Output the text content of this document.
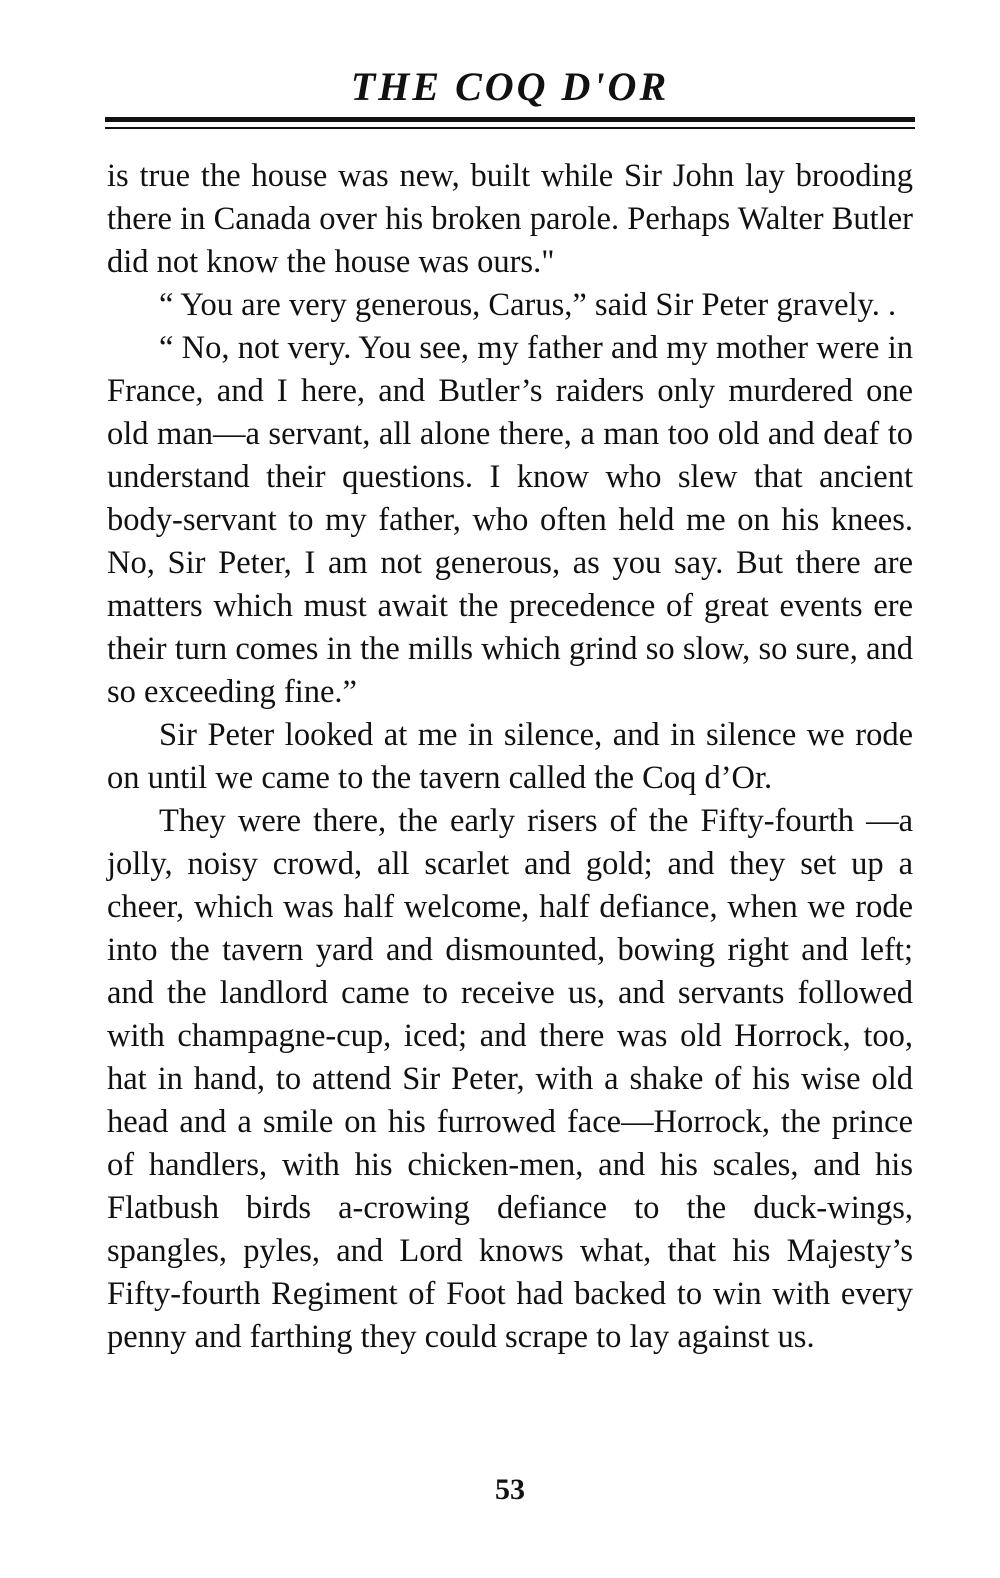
THE COQ D'OR

is true the house was new, built while Sir John lay brooding there in Canada over his broken parole. Perhaps Walter Butler did not know the house was ours."

“ You are very generous, Carus,” said Sir Peter gravely. .

“ No, not very. You see, my father and my mother were in France, and I here, and Butler’s raiders only murdered one old man—a servant, all alone there, a man too old and deaf to understand their questions. I know who slew that ancient body-servant to my father, who often held me on his knees. No, Sir Peter, I am not generous, as you say. But there are matters which must await the precedence of great events ere their turn comes in the mills which grind so slow, so sure, and so exceeding fine.”

Sir Peter looked at me in silence, and in silence we rode on until we came to the tavern called the Coq d’Or.

They were there, the early risers of the Fifty-fourth —a jolly, noisy crowd, all scarlet and gold; and they set up a cheer, which was half welcome, half defiance, when we rode into the tavern yard and dismounted, bowing right and left; and the landlord came to receive us, and servants followed with champagne-cup, iced; and there was old Horrock, too, hat in hand, to attend Sir Peter, with a shake of his wise old head and a smile on his furrowed face—Horrock, the prince of handlers, with his chicken-men, and his scales, and his Flatbush birds a-crowing defiance to the duck-wings, spangles, pyles, and Lord knows what, that his Majesty’s Fifty-fourth Regiment of Foot had backed to win with every penny and farthing they could scrape to lay against us.

53
